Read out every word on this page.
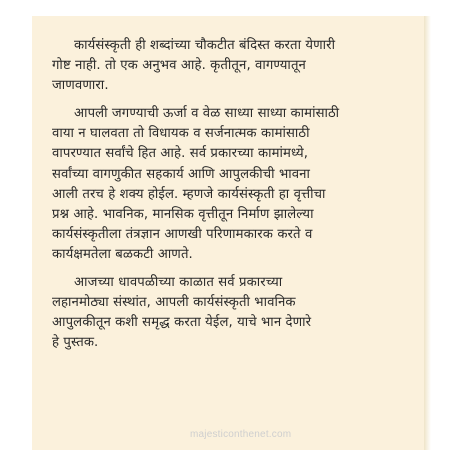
कार्यसंस्कृती ही शब्दांच्या चौकटीत बंदिस्त करता येणारी
गोष्ट नाही. तो एक अनुभव आहे. कृतीतून, वागण्यातून
जाणवणारा.

आपली जगण्याची ऊर्जा व वेळ साध्या साध्या कामांसाठी
वाया न घालवता तो विधायक व सर्जनात्मक कामांसाठी
वापरण्यात सर्वांचे हित आहे. सर्व प्रकारच्या कामांमध्ये,
सर्वांच्या वागणुकीत सहकार्य आणि आपुलकीची भावना
आली तरच हे शक्य होईल. म्हणजे कार्यसंस्कृती हा वृत्तीचा
प्रश्न आहे. भावनिक, मानसिक वृत्तीतून निर्माण झालेल्या
कार्यसंस्कृतीला तंत्रज्ञान आणखी परिणामकारक करते व
कार्यक्षमतेला बळकटी आणते.

आजच्या धावपळीच्या काळात सर्व प्रकारच्या
लहानमोठ्या संस्थांत, आपली कार्यसंस्कृती भावनिक
आपुलकीतून कशी समृद्ध करता येईल, याचे भान देणारे
हे पुस्तक.

majesticonthenet.com
